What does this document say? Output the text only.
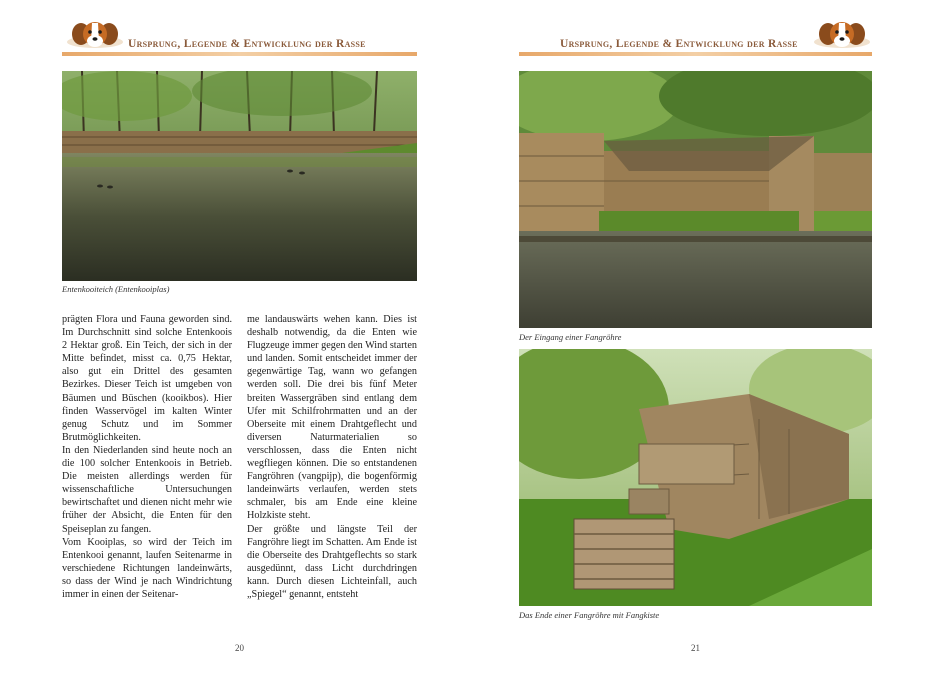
Ursprung, Legende & Entwicklung der Rasse	Ursprung, Legende & Entwicklung der Rasse
Entenkooiteich (Entenkooiplas)

prägten Flora und Fauna geworden sind. Im Durchschnitt sind solche Entenkoois 2 Hektar groß. Ein Teich, der sich in der Mitte befindet, misst ca. 0,75 Hektar, also gut ein Drittel des gesamten Bezirkes. Dieser Teich ist umgeben von Bäumen und Büschen (kooikbos). Hier finden Wasservögel im kalten Winter genug Schutz und im Sommer Brutmöglichkeiten.

In den Niederlanden sind heute noch an die 100 solcher Entenkoois in Betrieb. Die meisten allerdings werden für wissenschaftliche Untersuchungen bewirtschaftet und dienen nicht mehr wie früher der Absicht, die Enten für den Speiseplan zu fangen.

Vom Kooiplas, so wird der Teich im Entenkooi genannt, laufen Seitenarme in verschiedene Richtungen landeinwärts, so dass der Wind je nach Windrichtung immer in einen der Seitenar-

me landauswärts wehen kann. Dies ist deshalb notwendig, da die Enten wie Flugzeuge immer gegen den Wind starten und landen. Somit entscheidet immer der gegenwärtige Tag, wann wo gefangen werden soll. Die drei bis fünf Meter breiten Wassergräben sind entlang dem Ufer mit Schilfrohrmatten und an der Oberseite mit einem Drahtgeflecht und diversen Naturmaterialien so verschlossen, dass die Enten nicht wegfliegen können. Die so entstandenen Fangröhren (vangpijp), die bogenförmig landeinwärts verlaufen, werden stets schmaler, bis am Ende eine kleine Holzkiste steht.

Der größte und längste Teil der Fangröhre liegt im Schatten. Am Ende ist die Oberseite des Drahtgeflechts so stark ausgedünnt, dass Licht durchdringen kann. Durch diesen Lichteinfall, auch „Spiegel“ genannt, entsteht

Der Eingang einer Fangröhre
Das Ende einer Fangröhre mit Fangkiste
20	21
